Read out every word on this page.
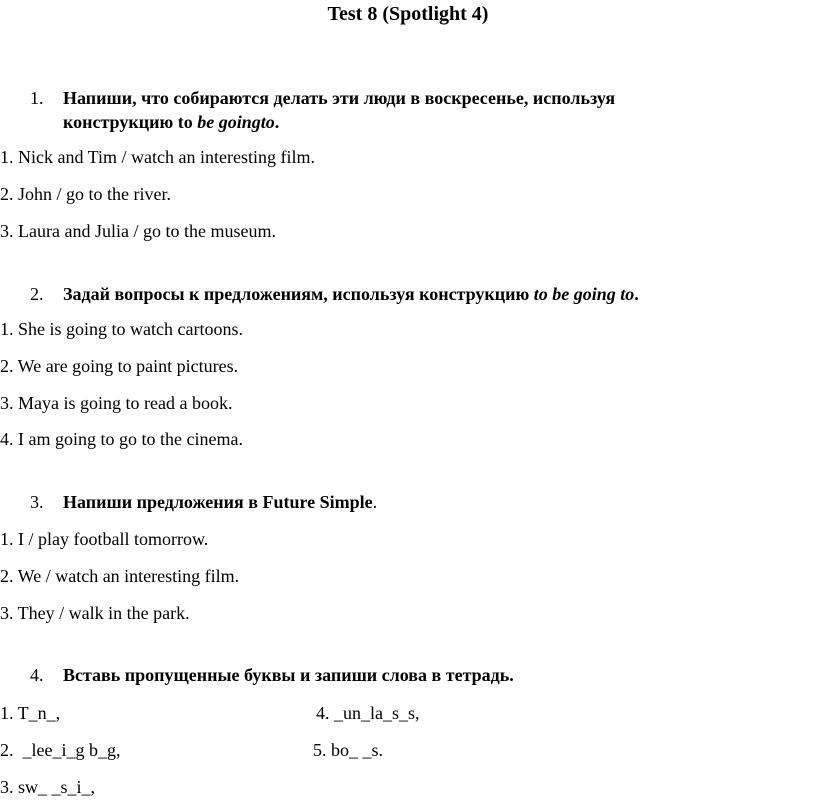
Test 8 (Spotlight 4)
1. Напиши, что собираются делать эти люди в воскресенье, используя
конструкцию to be goingto.
1. Nick and Tim / watch an interesting film.
2. John / go to the river.
3. Laura and Julia / go to the museum.
2. Задай вопросы к предложениям, используя конструкцию to be going to.
1. She is going to watch cartoons.
2. We are going to paint pictures.
3. Maya is going to read a book.
4. I am going to go to the cinema.
3. Напиши предложения в Future Simple.
1. I / play football tomorrow.
2. We / watch an interesting film.
3. They / walk in the park.
4. Вставь пропущенные буквы и запиши слова в тетрадь.
1. T_n_,
2.  _lee_i_g b_g,
3. sw_ _s_i_,
4. _un_la_s_s,
5. bo_ _s.
